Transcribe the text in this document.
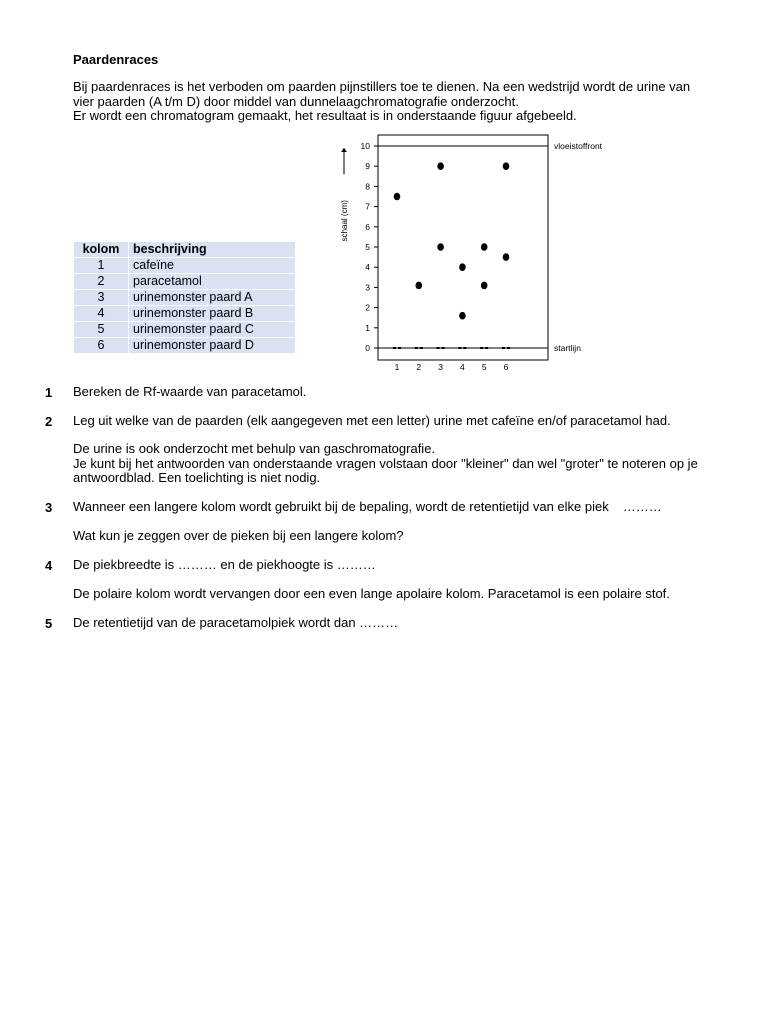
Paardenraces
Bij paardenraces is het verboden om paarden pijnstillers toe te dienen. Na een wedstrijd wordt de urine van
vier paarden (A t/m D) door middel van dunnelaagchromatografie onderzocht.
Er wordt een chromatogram gemaakt, het resultaat is in onderstaande figuur afgebeeld.
kolom	beschrijving
1	cafeïne
2	paracetamol
3	urinemonster paard A
4	urinemonster paard B
5	urinemonster paard C
6	urinemonster paard D	0
1
2
3
4
5
6
7
8
9
10
1 2 3 4 5 6
schaal (cm)
vloeistoffront
startlijn
1 Bereken de Rf-waarde van paracetamol.
2 Leg uit welke van de paarden (elk aangegeven met een letter) urine met cafeïne en/of paracetamol had.
De urine is ook onderzocht met behulp van gaschromatografie.
Je kunt bij het antwoorden van onderstaande vragen volstaan door "kleiner" dan wel "groter" te noteren op je
antwoordblad. Een toelichting is niet nodig.
3 Wanneer een langere kolom wordt gebruikt bij de bepaling, wordt de retentietijd van elke piek ………
Wat kun je zeggen over de pieken bij een langere kolom?
4 De piekbreedte is ……… en de piekhoogte is ………
De polaire kolom wordt vervangen door een even lange apolaire kolom. Paracetamol is een polaire stof.
5 De retentietijd van de paracetamolpiek wordt dan ………
